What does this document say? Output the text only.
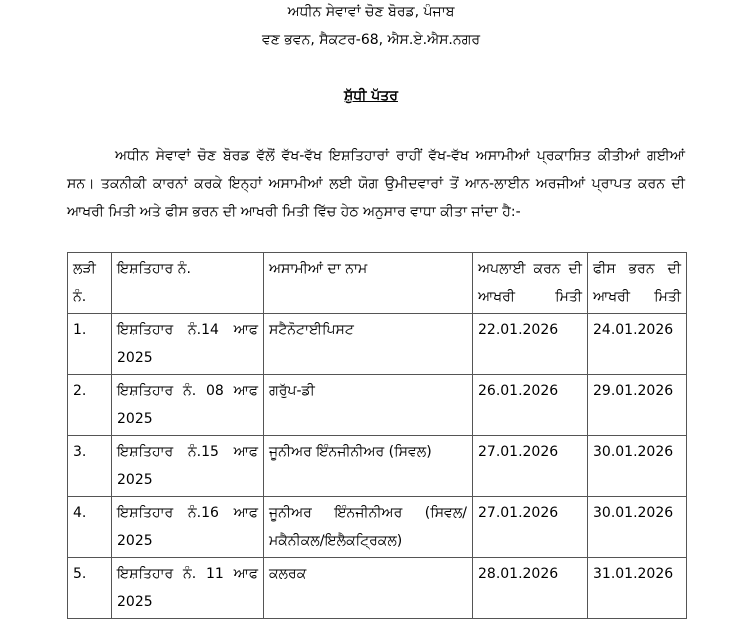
ਅਧੀਨ ਸੇਵਾਵਾਂ ਚੋਣ ਬੋਰਡ, ਪੰਜਾਬ
ਵਣ ਭਵਨ, ਸੈਕਟਰ-68, ਐਸ.ਏ.ਐਸ.ਨਗਰ
ਸ਼ੁੱਧੀ ਪੱਤਰ
ਅਧੀਨ ਸੇਵਾਵਾਂ ਚੋਣ ਬੋਰਡ ਵੱਲੋਂ ਵੱਖ-ਵੱਖ ਇਸ਼ਤਿਹਾਰਾਂ ਰਾਹੀਂ ਵੱਖ-ਵੱਖ ਅਸਾਮੀਆਂ ਪ੍ਰਕਾਸ਼ਿਤ ਕੀਤੀਆਂ ਗਈਆਂ ਸਨ। ਤਕਨੀਕੀ ਕਾਰਨਾਂ ਕਰਕੇ ਇਨ੍ਹਾਂ ਅਸਾਮੀਆਂ ਲਈ ਯੋਗ ਉਮੀਦਵਾਰਾਂ ਤੋਂ ਆਨ-ਲਾਈਨ ਅਰਜੀਆਂ ਪ੍ਰਾਪਤ ਕਰਨ ਦੀ ਆਖਰੀ ਮਿਤੀ ਅਤੇ ਫੀਸ ਭਰਨ ਦੀ ਆਖਰੀ ਮਿਤੀ ਵਿੱਚ ਹੇਠ ਅਨੁਸਾਰ ਵਾਧਾ ਕੀਤਾ ਜਾਂਦਾ ਹੈ:-
ਲੜੀ ਨੰ.	ਇਸ਼ਤਿਹਾਰ ਨੰ.	ਅਸਾਮੀਆਂ ਦਾ ਨਾਮ	ਅਪਲਾਈ ਕਰਨ ਦੀ ਆਖਰੀ ਮਿਤੀ	ਫੀਸ ਭਰਨ ਦੀ ਆਖਰੀ ਮਿਤੀ
1.	ਇਸ਼ਤਿਹਾਰ ਨੰ.14 ਆਫ 2025	ਸਟੈਨੋਟਾਈਪਿਸਟ	22.01.2026	24.01.2026
2.	ਇਸ਼ਤਿਹਾਰ ਨੰ. 08 ਆਫ 2025	ਗਰੁੱਪ-ਡੀ	26.01.2026	29.01.2026
3.	ਇਸ਼ਤਿਹਾਰ ਨੰ.15 ਆਫ 2025	ਜੂਨੀਅਰ ਇੰਨਜੀਨੀਅਰ (ਸਿਵਲ)	27.01.2026	30.01.2026
4.	ਇਸ਼ਤਿਹਾਰ ਨੰ.16 ਆਫ 2025	ਜੂਨੀਅਰ ਇੰਨਜੀਨੀਅਰ (ਸਿਵਲ/ਮਕੈਨੀਕਲ/ਇਲੈਕਟ੍ਰਿਕਲ)	27.01.2026	30.01.2026
5.	ਇਸ਼ਤਿਹਾਰ ਨੰ. 11 ਆਫ 2025	ਕਲਰਕ	28.01.2026	31.01.2026
